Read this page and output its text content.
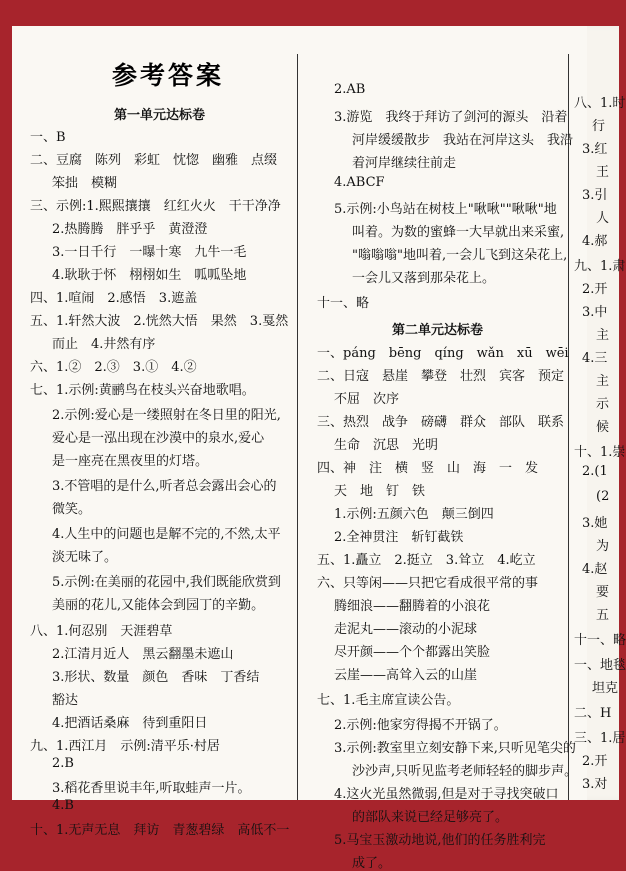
参考答案
第一单元达标卷
一、B
二、豆腐　陈列　彩虹　忱惚　幽雅　点缀
笨拙　模糊
三、示例:1.熙熙攘攘　红红火火　干干净净
2.热腾腾　胖乎乎　黄澄澄
3.一日千行　一曝十寒　九牛一毛
4.耿耿于怀　栩栩如生　呱呱坠地
四、1.喧闹　2.感悟　3.遮盖
五、1.轩然大波　2.恍然大悟　果然　3.戛然
而止　4.井然有序
六、1.②　2.③　3.①　4.②
七、1.示例:黄鹂鸟在枝头兴奋地歌唱。
2.示例:爱心是一缕照射在冬日里的阳光,
爱心是一泓出现在沙漠中的泉水,爱心
是一座亮在黑夜里的灯塔。
3.不管唱的是什么,听者总会露出会心的
微笑。
4.人生中的问题也是解不完的,不然,太平
淡无味了。
5.示例:在美丽的花园中,我们既能欣赏到
美丽的花儿,又能体会到园丁的辛勤。
八、1.何忍别　天涯碧草
2.江清月近人　黑云翻墨未遮山
3.形状、数量　颜色　香味　丁香结
豁达
4.把酒话桑麻　待到重阳日
九、1.西江月　示例:清平乐·村居
2.B
3.稻花香里说丰年,听取蛙声一片。
4.B
十、1.无声无息　拜访　青葱碧绿　高低不一
2.AB
3.游览　我终于拜访了剑河的源头　沿着
河岸缓缓散步　我站在河岸这头　我沿
着河岸继续往前走
4.ABCF
5.示例:小鸟站在树枝上"啾啾""啾啾"地
叫着。为数的蜜蜂一大早就出来采蜜,
"嗡嗡嗡"地叫着,一会儿飞到这朵花上,
一会儿又落到那朵花上。
十一、略
第二单元达标卷
一、páng　bēng　qíng　wǎn　xū　wēi
二、日寇　悬崖　攀登　壮烈　宾客　预定
不屈　次序
三、热烈　战争　磅礴　群众　部队　联系
生命　沉思　光明
四、神　注　横　竖　山　海　一　发
天　地　钉　铁
1.示例:五颜六色　颠三倒四
2.全神贯注　斩钉截铁
五、1.矗立　2.挺立　3.耸立　4.屹立
六、只等闲——只把它看成很平常的事
腾细浪——翻腾着的小浪花
走泥丸——滚动的小泥球
尽开颜——个个都露出笑脸
云崖——高耸入云的山崖
七、1.毛主席宣读公告。
2.示例:他家穷得揭不开锅了。
3.示例:教室里立刻安静下来,只听见笔尖的
沙沙声,只听见监考老师轻轻的脚步声。
4.这火光虽然微弱,但是对于寻找突破口
的部队来说已经足够亮了。
5.马宝玉激动地说,他们的任务胜利完
成了。
八、1.时
行
3.红
王
3.引
人
4.郝
九、1.肃
2.开
3.中
主
4.三
主
示
候
十、1.崇
2.(1
(2
3.她
为
4.赵
要
五
十一、略
一、地毯
坦克
二、H
三、1.居
2.开
3.对
